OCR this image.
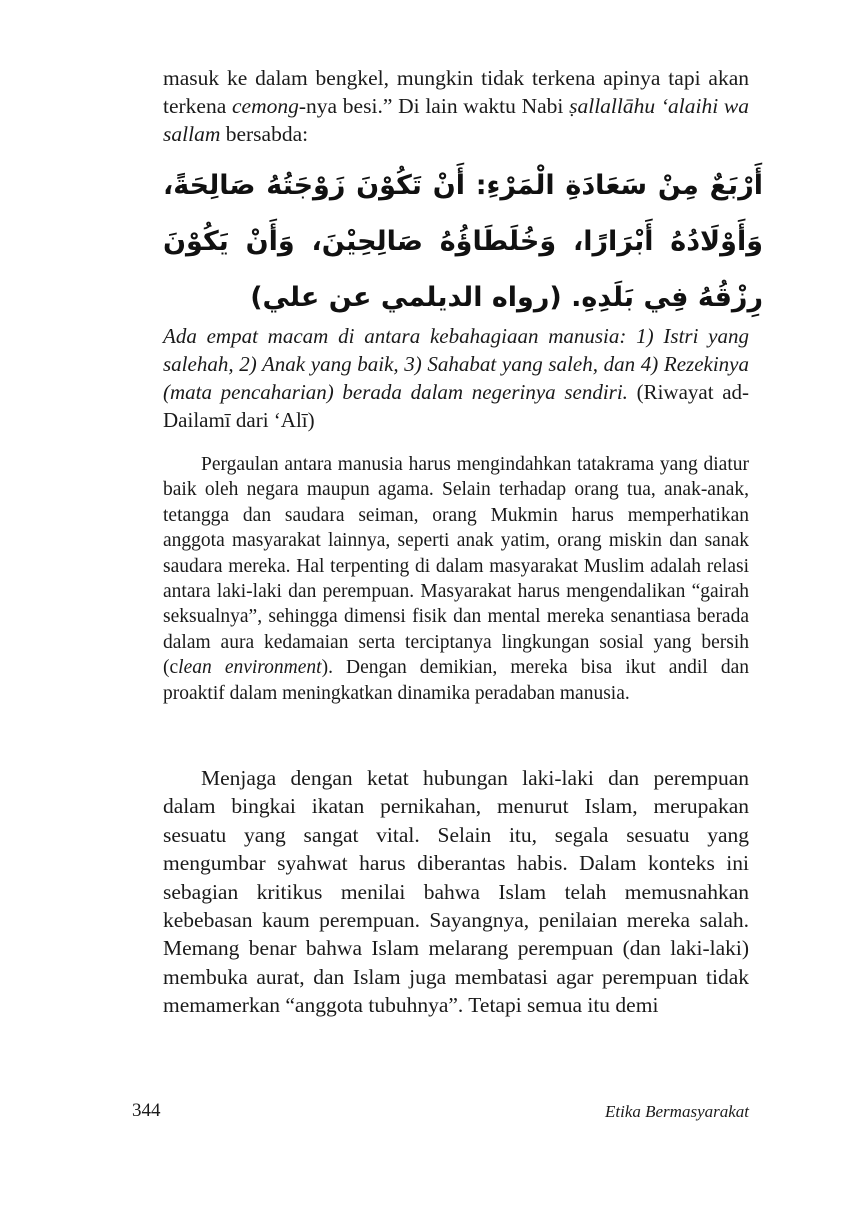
masuk ke dalam bengkel, mungkin tidak terkena apinya tapi akan terkena cemong-nya besi.” Di lain waktu Nabi ṣallallāhu ‘alaihi wa sallam bersabda:
أَرْبَعٌ مِنْ سَعَادَةِ الْمَرْءِ: أَنْ تَكُوْنَ زَوْجَتُهُ صَالِحَةً، وَأَوْلَادُهُ أَبْرَارًا، وَخُلَطَاؤُهُ صَالِحِيْنَ، وَأَنْ يَكُوْنَ رِزْقُهُ فِي بَلَدِهِ. (رواه الديلمي عن علي)
Ada empat macam di antara kebahagiaan manusia: 1) Istri yang salehah, 2) Anak yang baik, 3) Sahabat yang saleh, dan 4) Rezekinya (mata pencaharian) berada dalam negerinya sendiri. (Riwayat ad-Dailamī dari ‘Alī)
Pergaulan antara manusia harus mengindahkan tatakrama yang diatur baik oleh negara maupun agama. Selain terhadap orang tua, anak-anak, tetangga dan saudara seiman, orang Mukmin harus memperhatikan anggota masyarakat lainnya, seperti anak yatim, orang miskin dan sanak saudara mereka. Hal terpenting di dalam masyarakat Muslim adalah relasi antara laki-laki dan perempuan. Masyarakat harus mengendalikan “gairah seksualnya”, sehingga dimensi fisik dan mental mereka senantiasa berada dalam aura kedamaian serta terciptanya lingkungan sosial yang bersih (clean environment). Dengan demikian, mereka bisa ikut andil dan proaktif dalam meningkatkan dinamika peradaban manusia.
Menjaga dengan ketat hubungan laki-laki dan perempuan dalam bingkai ikatan pernikahan, menurut Islam, merupakan sesuatu yang sangat vital. Selain itu, segala sesuatu yang mengumbar syahwat harus diberantas habis. Dalam konteks ini sebagian kritikus menilai bahwa Islam telah memusnahkan kebebasan kaum perempuan. Sayangnya, penilaian mereka salah. Memang benar bahwa Islam melarang perempuan (dan laki-laki) membuka aurat, dan Islam juga membatasi agar perempuan tidak memamerkan “anggota tubuhnya”. Tetapi semua itu demi
344	Etika Bermasyarakat
